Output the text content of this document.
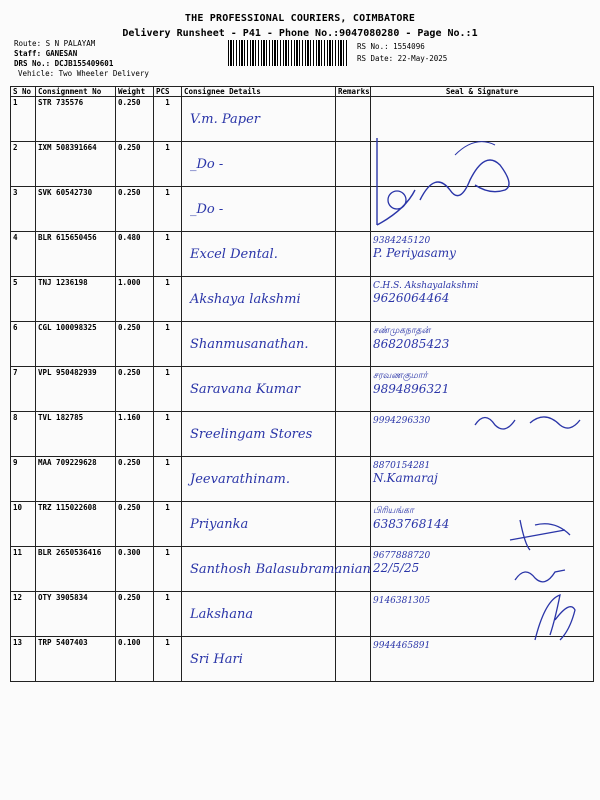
THE PROFESSIONAL COURIERS, COIMBATORE
Delivery Runsheet - P41 - Phone No.:9047080280 - Page No.:1
Route: S N PALAYAM
Staff: GANESAN
DRS No.: DCJB155409601
Vehicle: Two Wheeler Delivery
RS No.: 1554096
RS Date: 22-May-2025
S No	Consignment No	Weight	PCS	Consignee Details	Remarks	Seal & Signature
1	STR 735576	0.250	1	V.m. Paper		

2	IXM 508391664	0.250	1	_Do -		

3	SVK 60542730	0.250	1	_Do -		

4	BLR 615650456	0.480	1	Excel Dental.		9384245120
P. Periyasamy

5	TNJ 1236198	1.000	1	Akshaya lakshmi		C.H.S. Akshayalakshmi
9626064464

6	CGL 100098325	0.250	1	Shanmusanathan.		சண்முகநாதன்
8682085423

7	VPL 950482939	0.250	1	Saravana Kumar		சரவணகுமார்
9894896321

8	TVL 182785	1.160	1	Sreelingam Stores		9994296330

9	MAA 709229628	0.250	1	Jeevarathinam.		8870154281
N.Kamaraj

10	TRZ 115022608	0.250	1	Priyanka		பிரியங்கா
6383768144

11	BLR 2650536416	0.300	1	Santhosh Balasubramanian		9677888720
22/5/25

12	OTY 3905834	0.250	1	Lakshana		9146381305

13	TRP 5407403	0.100	1	Sri Hari		9944465891
